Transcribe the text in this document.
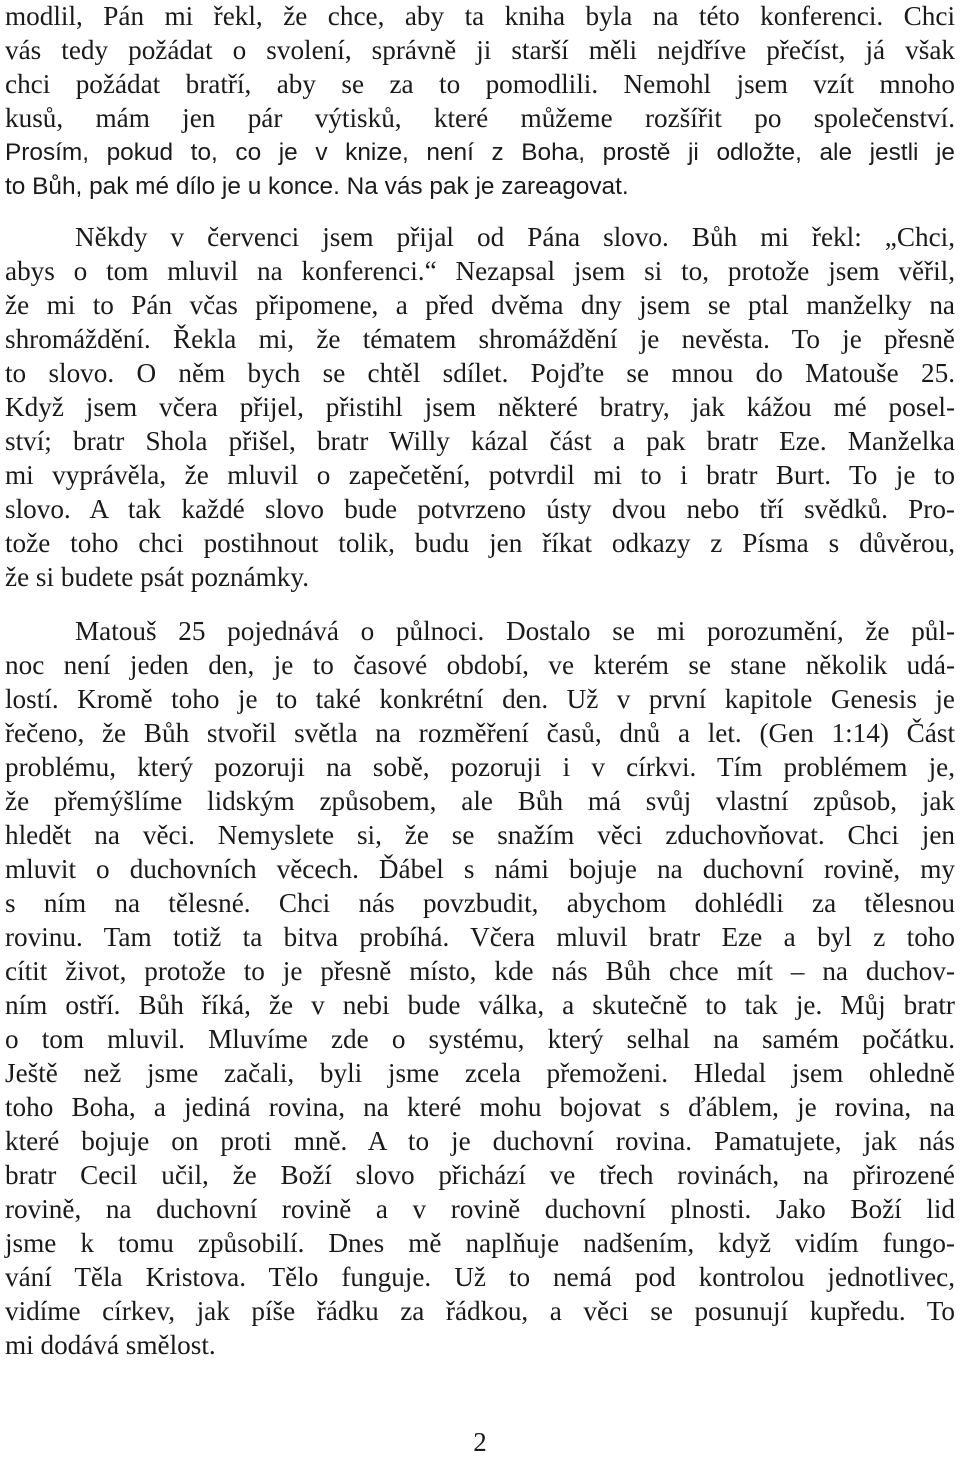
modlil, Pán mi řekl, že chce, aby ta kniha byla na této konferenci. Chci
vás tedy požádat o svolení, správně ji starší měli nejdříve přečíst, já však
chci požádat bratří, aby se za to pomodlili. Nemohl jsem vzít mnoho
kusů, mám jen pár výtisků, které můžeme rozšířit po společenství.
Prosím, pokud to, co je v knize, není z Boha, prostě ji odložte, ale jestli je
to Bůh, pak mé dílo je u konce. Na vás pak je zareagovat.
Někdy v červenci jsem přijal od Pána slovo. Bůh mi řekl: „Chci,
abys o tom mluvil na konferenci.“ Nezapsal jsem si to, protože jsem věřil,
že mi to Pán včas připomene, a před dvěma dny jsem se ptal manželky na
shromáždění. Řekla mi, že tématem shromáždění je nevěsta. To je přesně
to slovo. O něm bych se chtěl sdílet. Pojďte se mnou do Matouše 25.
Když jsem včera přijel, přistihl jsem některé bratry, jak kážou mé posel-
ství; bratr Shola přišel, bratr Willy kázal část a pak bratr Eze. Manželka
mi vyprávěla, že mluvil o zapečetění, potvrdil mi to i bratr Burt. To je to
slovo. A tak každé slovo bude potvrzeno ústy dvou nebo tří svědků. Pro-
tože toho chci postihnout tolik, budu jen říkat odkazy z Písma s důvěrou,
že si budete psát poznámky.
Matouš 25 pojednává o půlnoci. Dostalo se mi porozumění, že půl-
noc není jeden den, je to časové období, ve kterém se stane několik udá-
lostí. Kromě toho je to také konkrétní den. Už v první kapitole Genesis je
řečeno, že Bůh stvořil světla na rozměření časů, dnů a let. (Gen 1:14) Část
problému, který pozoruji na sobě, pozoruji i v církvi. Tím problémem je,
že přemýšlíme lidským způsobem, ale Bůh má svůj vlastní způsob, jak
hledět na věci. Nemyslete si, že se snažím věci zduchovňovat. Chci jen
mluvit o duchovních věcech. Ďábel s námi bojuje na duchovní rovině, my
s ním na tělesné. Chci nás povzbudit, abychom dohlédli za tělesnou
rovinu. Tam totiž ta bitva probíhá. Včera mluvil bratr Eze a byl z toho
cítit život, protože to je přesně místo, kde nás Bůh chce mít – na duchov-
ním ostří. Bůh říká, že v nebi bude válka, a skutečně to tak je. Můj bratr
o tom mluvil. Mluvíme zde o systému, který selhal na samém počátku.
Ještě než jsme začali, byli jsme zcela přemoženi. Hledal jsem ohledně
toho Boha, a jediná rovina, na které mohu bojovat s ďáblem, je rovina, na
které bojuje on proti mně. A to je duchovní rovina. Pamatujete, jak nás
bratr Cecil učil, že Boží slovo přichází ve třech rovinách, na přirozené
rovině, na duchovní rovině a v rovině duchovní plnosti. Jako Boží lid
jsme k tomu způsobilí. Dnes mě naplňuje nadšením, když vidím fungo-
vání Těla Kristova. Tělo funguje. Už to nemá pod kontrolou jednotlivec,
vidíme církev, jak píše řádku za řádkou, a věci se posunují kupředu. To
mi dodává smělost.
2
